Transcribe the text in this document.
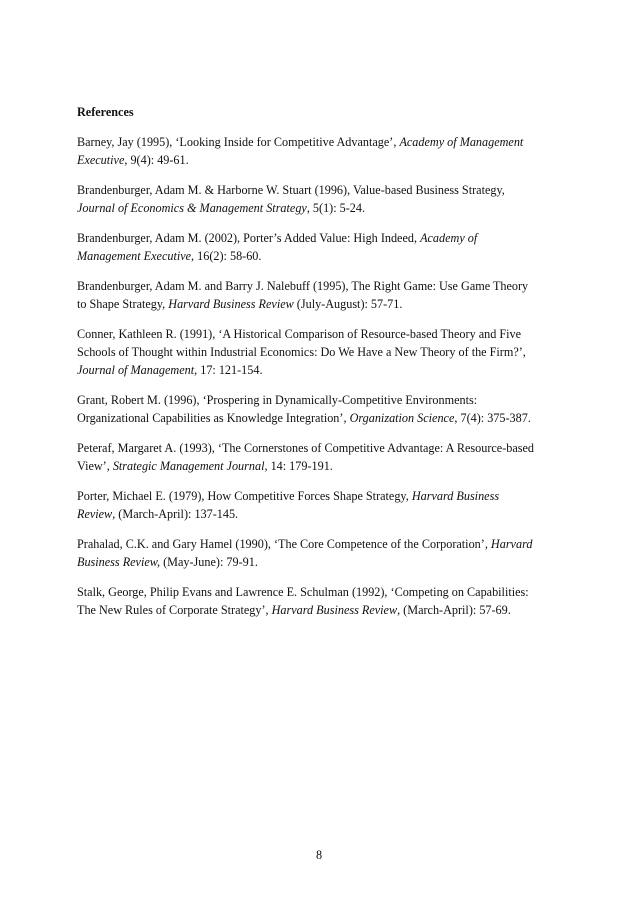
References
Barney, Jay (1995), ‘Looking Inside for Competitive Advantage’, Academy of Management
Executive, 9(4): 49-61.
Brandenburger, Adam M. & Harborne W. Stuart (1996), Value-based Business Strategy,
Journal of Economics & Management Strategy, 5(1): 5-24.
Brandenburger, Adam M. (2002), Porter’s Added Value: High Indeed, Academy of
Management Executive, 16(2): 58-60.
Brandenburger, Adam M. and Barry J. Nalebuff (1995), The Right Game: Use Game Theory
to Shape Strategy, Harvard Business Review (July-August): 57-71.
Conner, Kathleen R. (1991), ‘A Historical Comparison of Resource-based Theory and Five
Schools of Thought within Industrial Economics: Do We Have a New Theory of the Firm?’,
Journal of Management, 17: 121-154.
Grant, Robert M. (1996), ‘Prospering in Dynamically-Competitive Environments:
Organizational Capabilities as Knowledge Integration’, Organization Science, 7(4): 375-387.
Peteraf, Margaret A. (1993), ‘The Cornerstones of Competitive Advantage: A Resource-based
View’, Strategic Management Journal, 14: 179-191.
Porter, Michael E. (1979), How Competitive Forces Shape Strategy, Harvard Business
Review, (March-April): 137-145.
Prahalad, C.K. and Gary Hamel (1990), ‘The Core Competence of the Corporation’, Harvard
Business Review, (May-June): 79-91.
Stalk, George, Philip Evans and Lawrence E. Schulman (1992), ‘Competing on Capabilities:
The New Rules of Corporate Strategy’, Harvard Business Review, (March-April): 57-69.
8
